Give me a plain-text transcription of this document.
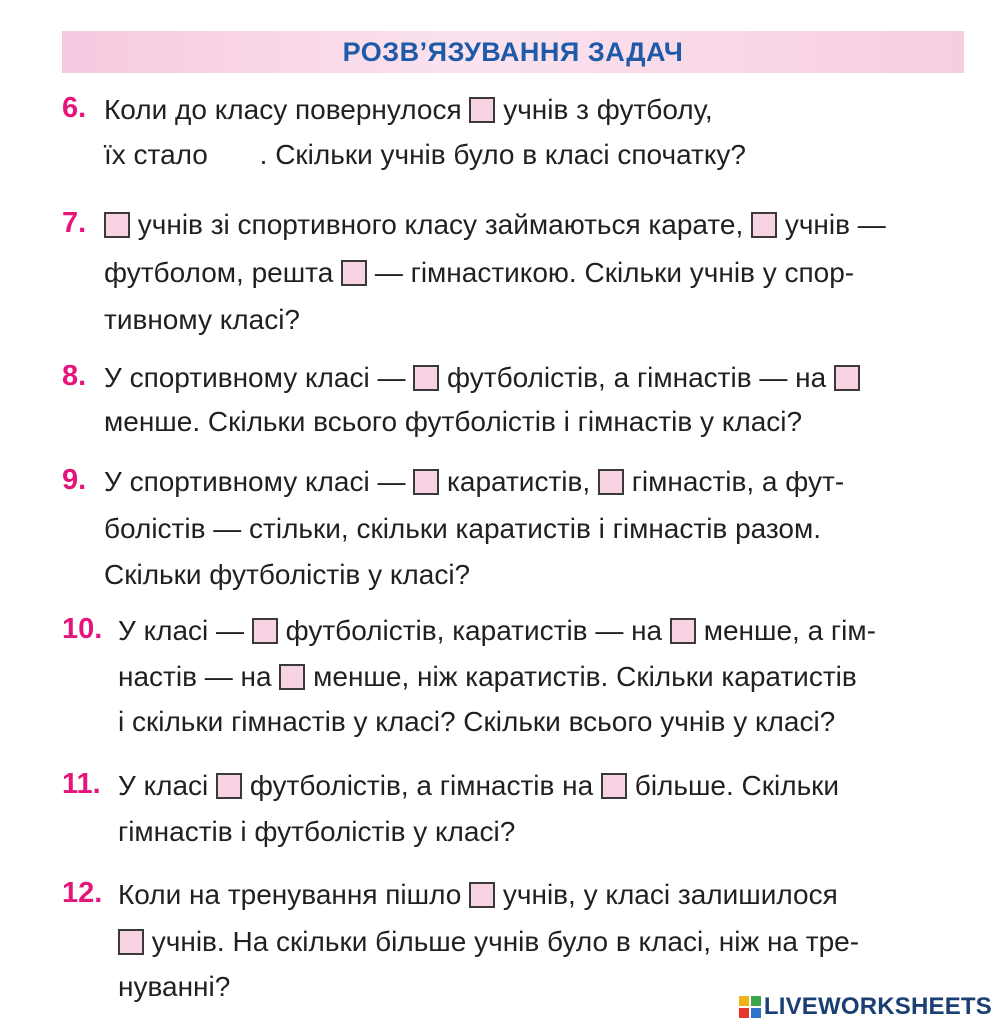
РОЗВ’ЯЗУВАННЯ ЗАДАЧ
6. Коли до класу повернулося учнів з футболу,
їх стало . Скільки учнів було в класі спочатку?
7.	учнів зі спортивного класу займаються карате, учнів —
футболом, решта — гімнастикою. Скільки учнів у спор-
тивному класі?
8. У спортивному класі — футболістів, а гімнастів — на
менше. Скільки всього футболістів і гімнастів у класі?
9. У спортивному класі — каратистів, гімнастів, а фут-
болістів — стільки, скільки каратистів і гімнастів разом.
Скільки футболістів у класі?
10. У класі — футболістів, каратистів — на менше, а гім-
настів — на менше, ніж каратистів. Скільки каратистів
і скільки гімнастів у класі? Скільки всього учнів у класі?
11. У класі футболістів, а гімнастів на більше. Скільки
гімнастів і футболістів у класі?
12. Коли на тренування пішло учнів, у класі залишилося
учнів. На скільки більше учнів було в класі, ніж на тре-
нуванні?
LIVEWORKSHEETS
